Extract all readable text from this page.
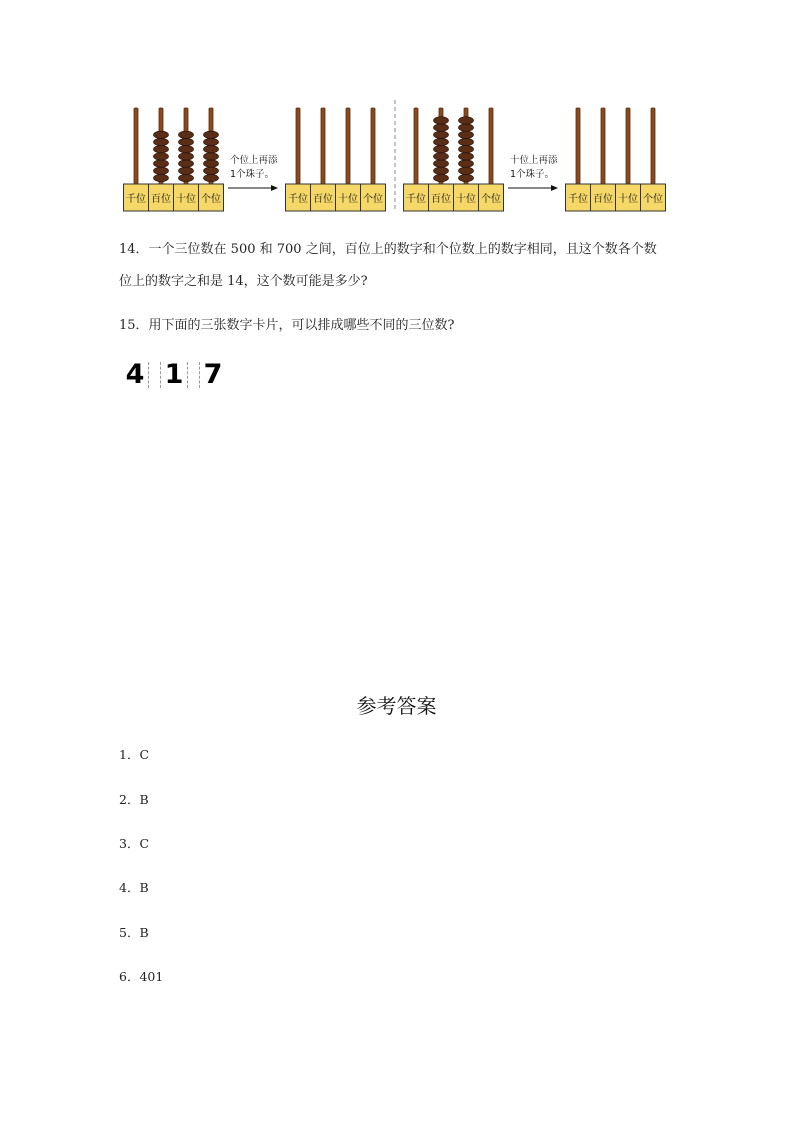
千位 百位 十位 个位
个位上再添
1个珠子。
千位 百位 十位 个位 千位 百位 十位 个位
十位上再添
1个珠子。
千位 百位 十位 个位
14．一个三位数在 500 和 700 之间，百位上的数字和个位数上的数字相同，且这个数各个数
位上的数字之和是 14，这个数可能是多少?
15．用下面的三张数字卡片，可以排成哪些不同的三位数?
4 1 7
参考答案
1．C
2．B
3．C
4．B
5．B
6．401
